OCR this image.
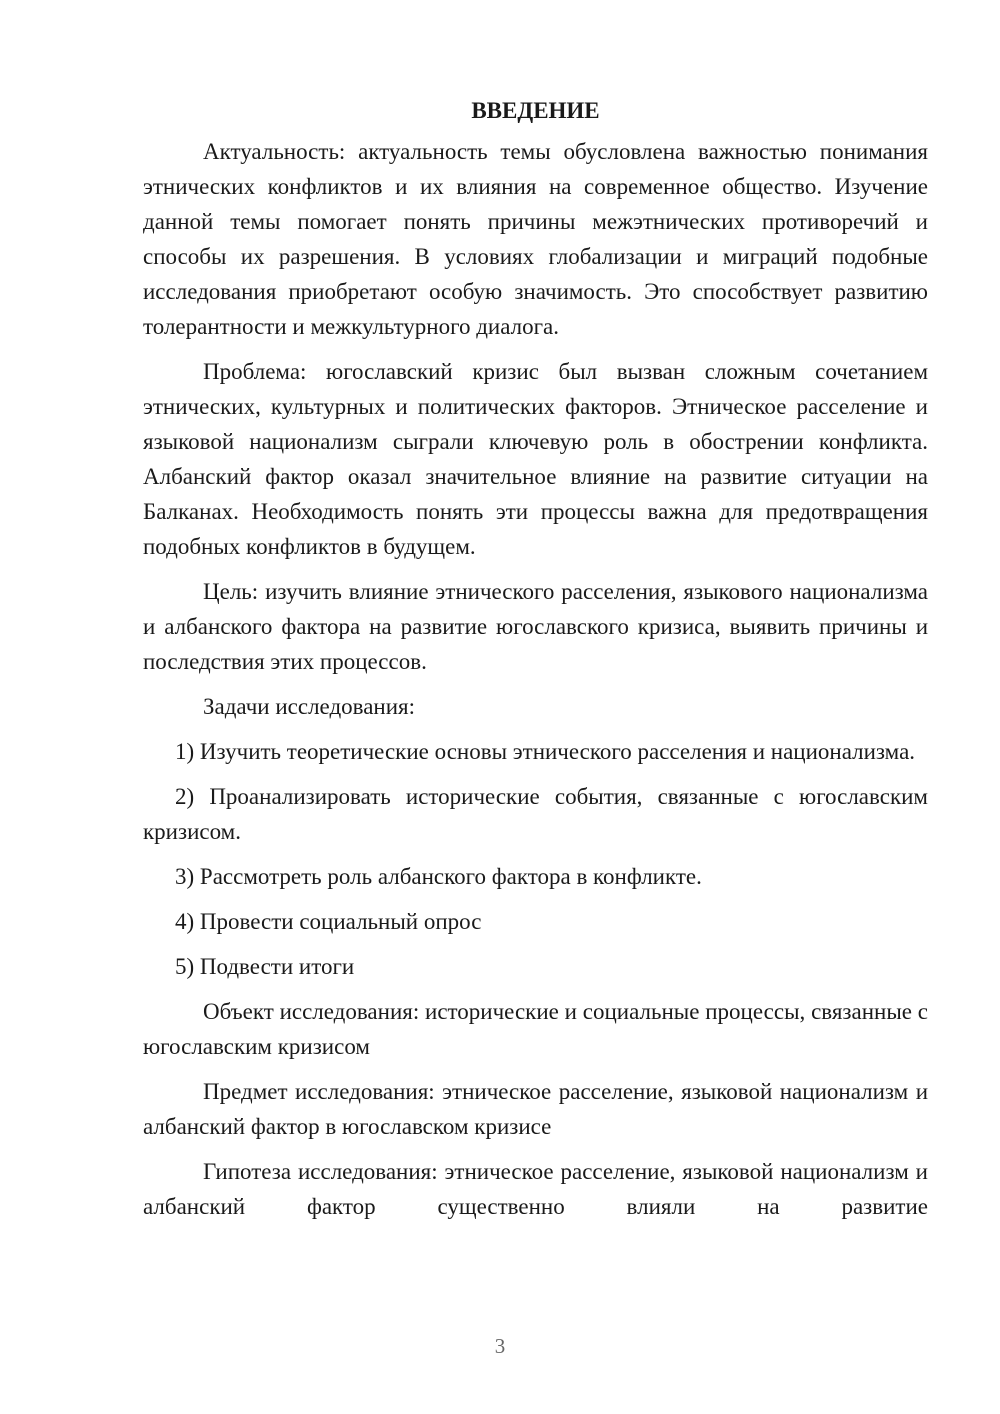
ВВЕДЕНИЕ

Актуальность: актуальность темы обусловлена важностью понимания этнических конфликтов и их влияния на современное общество. Изучение данной темы помогает понять причины межэтнических противоречий и способы их разрешения. В условиях глобализации и миграций подобные исследования приобретают особую значимость. Это способствует развитию толерантности и межкультурного диалога.

Проблема: югославский кризис был вызван сложным сочетанием этнических, культурных и политических факторов. Этническое расселение и языковой национализм сыграли ключевую роль в обострении конфликта. Албанский фактор оказал значительное влияние на развитие ситуации на Балканах. Необходимость понять эти процессы важна для предотвращения подобных конфликтов в будущем.

Цель: изучить влияние этнического расселения, языкового национализма и албанского фактора на развитие югославского кризиса, выявить причины и последствия этих процессов.

Задачи исследования:

1) Изучить теоретические основы этнического расселения и национализма.

2) Проанализировать исторические события, связанные с югославским кризисом.

3) Рассмотреть роль албанского фактора в конфликте.

4) Провести социальный опрос

5) Подвести итоги

Объект исследования: исторические и социальные процессы, связанные с югославским кризисом

Предмет исследования: этническое расселение, языковой национализм и албанский фактор в югославском кризисе

Гипотеза исследования: этническое расселение, языковой национализм и албанский фактор существенно влияли на развитие

3
